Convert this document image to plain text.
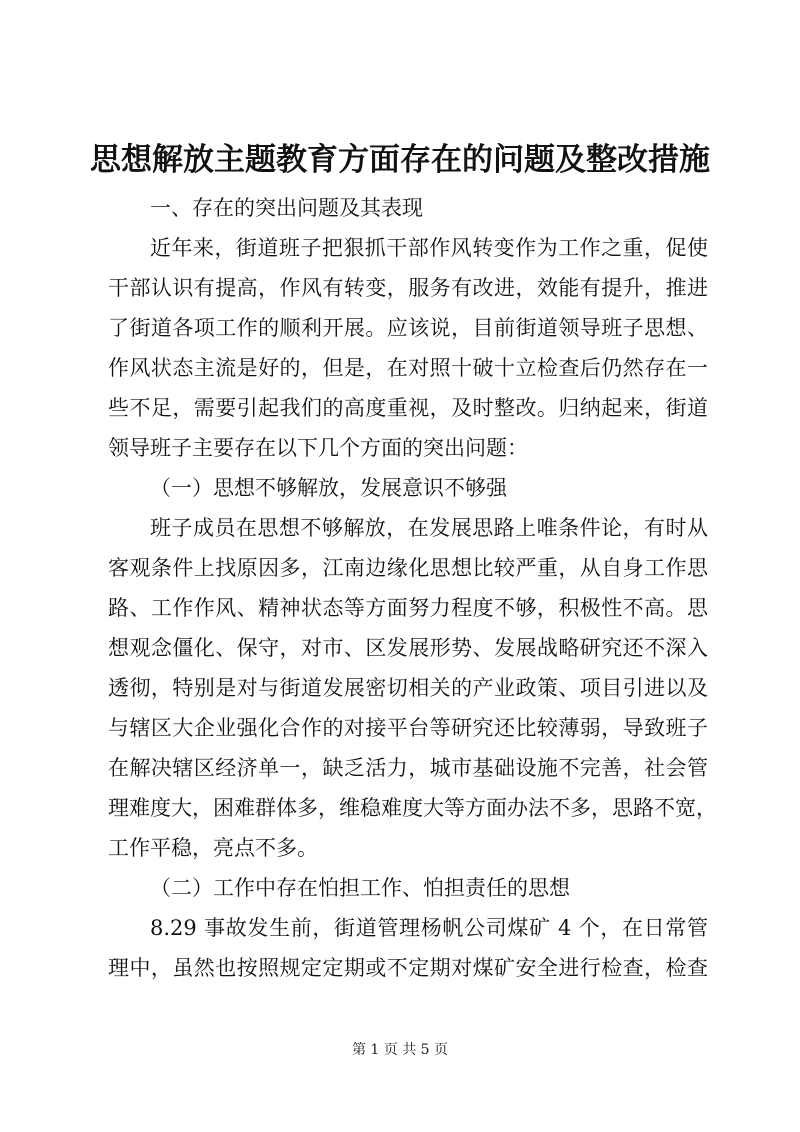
思想解放主题教育方面存在的问题及整改措施
一、存在的突出问题及其表现
近年来，街道班子把狠抓干部作风转变作为工作之重，促使
干部认识有提高，作风有转变，服务有改进，效能有提升，推进
了街道各项工作的顺利开展。应该说，目前街道领导班子思想、
作风状态主流是好的，但是，在对照十破十立检查后仍然存在一
些不足，需要引起我们的高度重视，及时整改。归纳起来，街道
领导班子主要存在以下几个方面的突出问题：
（一）思想不够解放，发展意识不够强
班子成员在思想不够解放，在发展思路上唯条件论，有时从
客观条件上找原因多，江南边缘化思想比较严重，从自身工作思
路、工作作风、精神状态等方面努力程度不够，积极性不高。思
想观念僵化、保守，对市、区发展形势、发展战略研究还不深入
透彻，特别是对与街道发展密切相关的产业政策、项目引进以及
与辖区大企业强化合作的对接平台等研究还比较薄弱，导致班子
在解决辖区经济单一，缺乏活力，城市基础设施不完善，社会管
理难度大，困难群体多，维稳难度大等方面办法不多，思路不宽，
工作平稳，亮点不多。
（二）工作中存在怕担工作、怕担责任的思想
8.29 事故发生前，街道管理杨帆公司煤矿 4 个，在日常管
理中，虽然也按照规定定期或不定期对煤矿安全进行检查，检查
第 1 页 共 5 页
